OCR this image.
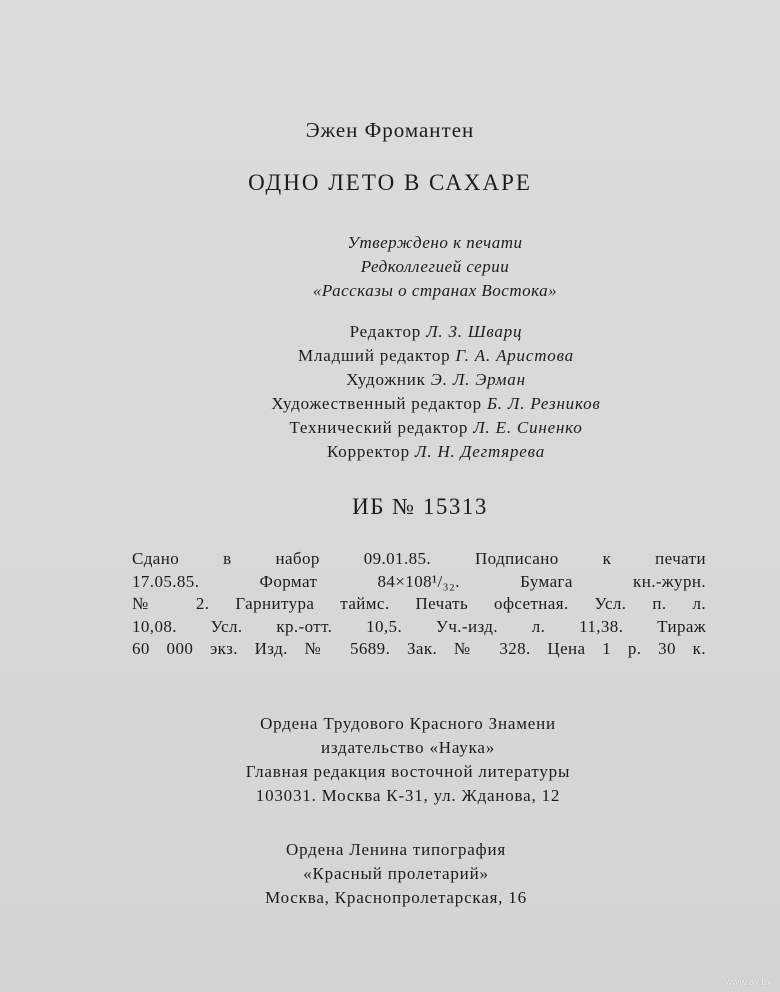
Эжен Фромантен
ОДНО ЛЕТО В САХАРЕ
Утверждено к печати
Редколлегией серии
«Рассказы о странах Востока»
Редактор Л. З. Шварц
Младший редактор Г. А. Аристова
Художник Э. Л. Эрман
Художественный редактор Б. Л. Резников
Технический редактор Л. Е. Синенко
Корректор Л. Н. Дегтярева
ИБ № 15313
Сдано в набор 09.01.85. Подписано к печати
17.05.85. Формат 84×108¹/₃₂. Бумага кн.-журн.
№ 2. Гарнитура таймс. Печать офсетная. Усл. п. л.
10,08. Усл. кр.-отт. 10,5. Уч.-изд. л. 11,38. Тираж
60 000 экз. Изд. № 5689. Зак. № 328. Цена 1 р. 30 к.
Ордена Трудового Красного Знамени
издательство «Наука»
Главная редакция восточной литературы
103031. Москва К-31, ул. Жданова, 12
Ордена Ленина типография
«Красный пролетарий»
Москва, Краснопролетарская, 16
www.ay.by
